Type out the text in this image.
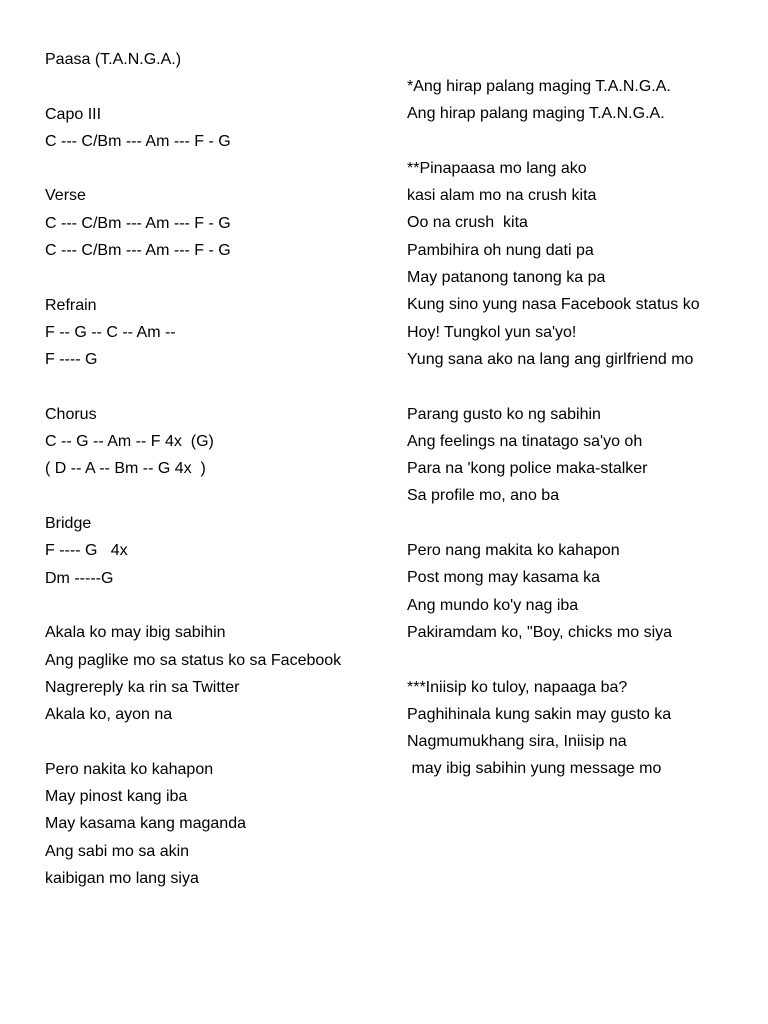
Paasa (T.A.N.G.A.)
Capo III
C --- C/Bm --- Am --- F - G
Verse
C --- C/Bm --- Am --- F - G
C --- C/Bm --- Am --- F - G
Refrain
F -- G -- C -- Am --
F ---- G
Chorus
C -- G -- Am -- F 4x  (G)
( D -- A -- Bm -- G 4x  )
Bridge
F ---- G   4x
Dm -----G
Akala ko may ibig sabihin
Ang paglike mo sa status ko sa Facebook
Nagrereply ka rin sa Twitter
Akala ko, ayon na
Pero nakita ko kahapon
May pinost kang iba
May kasama kang maganda
Ang sabi mo sa akin
kaibigan mo lang siya
*Ang hirap palang maging T.A.N.G.A.
Ang hirap palang maging T.A.N.G.A.
**Pinapaasa mo lang ako
kasi alam mo na crush kita
Oo na crush  kita
Pambihira oh nung dati pa
May patanong tanong ka pa
Kung sino yung nasa Facebook status ko
Hoy! Tungkol yun sa'yo!
Yung sana ako na lang ang girlfriend mo
Parang gusto ko ng sabihin
Ang feelings na tinatago sa'yo oh
Para na 'kong police maka-stalker
Sa profile mo, ano ba
Pero nang makita ko kahapon
Post mong may kasama ka
Ang mundo ko'y nag iba
Pakiramdam ko, "Boy, chicks mo siya
***Iniisip ko tuloy, napaaga ba?
Paghihinala kung sakin may gusto ka
Nagmumukhang sira, Iniisip na
may ibig sabihin yung message mo
